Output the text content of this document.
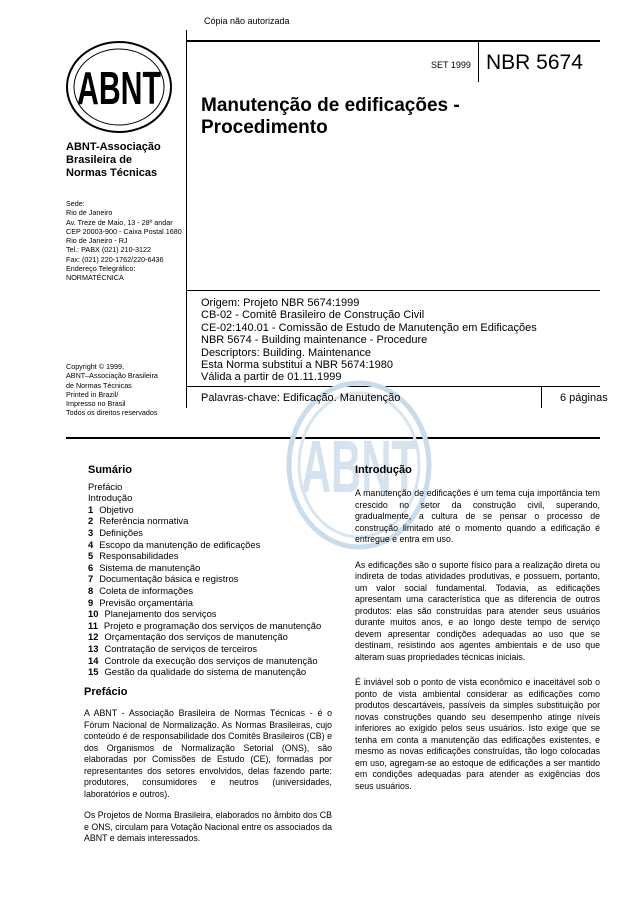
Cópia não autorizada
ABNT
ABNT
ABNT-Associação
Brasileira de
Normas Técnicas
Sede:
Rio de Janeiro
Av. Treze de Maio, 13 - 28º andar
CEP 20003-900 - Caixa Postal 1680
Rio de Janeiro - RJ
Tel.: PABX (021) 210-3122
Fax: (021) 220-1762/220-6436
Endereço Telegráfico:
NORMATÉCNICA
Copyright © 1999,
ABNT–Associação Brasileira
de Normas Técnicas
Printed in Brazil/
Impresso no Brasil
Todos os direitos reservados
SET 1999 NBR 5674
Manutenção de edificações -
Procedimento
Origem: Projeto NBR 5674:1999
CB-02 - Comitê Brasileiro de Construção Civil
CE-02:140.01 - Comissão de Estudo de Manutenção em Edificações
NBR 5674 - Building maintenance - Procedure
Descriptors: Building. Maintenance
Esta Norma substitui a NBR 5674:1980
Válida a partir de 01.11.1999
Palavras-chave: Edificação. Manutenção	6 páginas
Sumário
Prefácio
Introdução
1 Objetivo
2 Referência normativa
3 Definições
4 Escopo da manutenção de edificações
5 Responsabilidades
6 Sistema de manutenção
7 Documentação básica e registros
8 Coleta de informações
9 Previsão orçamentária
10 Planejamento dos serviços
11 Projeto e programação dos serviços de manutenção
12 Orçamentação dos serviços de manutenção
13 Contratação de serviços de terceiros
14 Controle da execução dos serviços de manutenção
15 Gestão da qualidade do sistema de manutenção
Prefácio

A ABNT - Associação Brasileira de Normas Técnicas - é o Fórum Nacional de Normalização. As Normas Brasileiras, cujo conteúdo é de responsabilidade dos Comitês Brasileiros (CB) e dos Organismos de Normalização Setorial (ONS), são elaboradas por Comissões de Estudo (CE), formadas por representantes dos setores envolvidos, delas fazendo parte: produtores, consumidores e neutros (universidades, laboratórios e outros).

Os Projetos de Norma Brasileira, elaborados no âmbito dos CB e ONS, circulam para Votação Nacional entre os associados da ABNT e demais interessados.

Introdução

A manutenção de edificações é um tema cuja importância tem crescido no setor da construção civil, superando, gradualmente, a cultura de se pensar o processo de construção limitado até o momento quando a edificação é entregue e entra em uso.

As edificações são o suporte físico para a realização direta ou indireta de todas atividades produtivas, e possuem, portanto, um valor social fundamental. Todavia, as edificações apresentam uma característica que as diferencia de outros produtos: elas são construídas para atender seus usuários durante muitos anos, e ao longo deste tempo de serviço devem apresentar condições adequadas ao uso que se destinam, resistindo aos agentes ambientais e de uso que alteram suas propriedades técnicas iniciais.

É inviável sob o ponto de vista econômico e inaceitável sob o ponto de vista ambiental considerar as edificações como produtos descartáveis, passíveis da simples substituição por novas construções quando seu desempenho atinge níveis inferiores ao exigido pelos seus usuários. Isto exige que se tenha em conta a manutenção das edificações existentes, e mesmo as novas edificações construídas, tão logo colocadas em uso, agregam-se ao estoque de edificações a ser mantido em condições adequadas para atender as exigências dos seus usuários.
